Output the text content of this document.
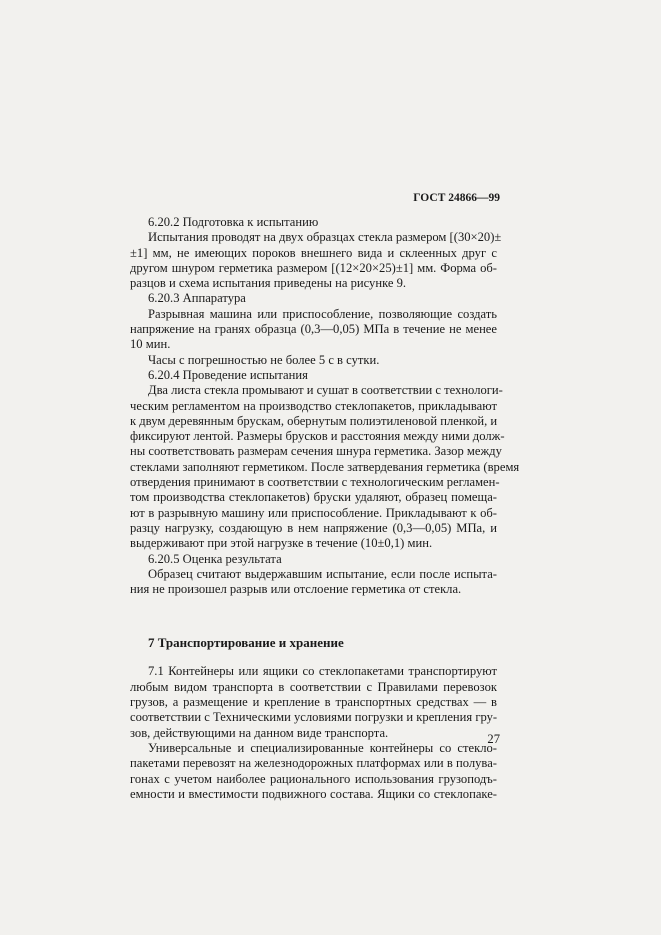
ГОСТ 24866—99
6.20.2 Подготовка к испытанию
Испытания проводят на двух образцах стекла размером [(30×20)±
±1] мм, не имеющих пороков внешнего вида и склеенных друг с
другом шнуром герметика размером [(12×20×25)±1] мм. Форма об-
разцов и схема испытания приведены на рисунке 9.
6.20.3 Аппаратура
Разрывная машина или приспособление, позволяющие создать
напряжение на гранях образца (0,3—0,05) МПа в течение не менее
10 мин.
Часы с погрешностью не более 5 с в сутки.
6.20.4 Проведение испытания
Два листа стекла промывают и сушат в соответствии с технологи-
ческим регламентом на производство стеклопакетов, прикладывают
к двум деревянным брускам, обернутым полиэтиленовой пленкой, и
фиксируют лентой. Размеры брусков и расстояния между ними долж-
ны соответствовать размерам сечения шнура герметика. Зазор между
стеклами заполняют герметиком. После затвердевания герметика (время
отвердения принимают в соответствии с технологическим регламен-
том производства стеклопакетов) бруски удаляют, образец помеща-
ют в разрывную машину или приспособление. Прикладывают к об-
разцу нагрузку, создающую в нем напряжение (0,3—0,05) МПа, и
выдерживают при этой нагрузке в течение (10±0,1) мин.
6.20.5 Оценка результата
Образец считают выдержавшим испытание, если после испыта-
ния не произошел разрыв или отслоение герметика от стекла.
7 Транспортирование и хранение
7.1 Контейнеры или ящики со стеклопакетами транспортируют
любым видом транспорта в соответствии с Правилами перевозок
грузов, а размещение и крепление в транспортных средствах — в
соответствии с Техническими условиями погрузки и крепления гру-
зов, действующими на данном виде транспорта.
Универсальные и специализированные контейнеры со стекло-
пакетами перевозят на железнодорожных платформах или в полува-
гонах с учетом наиболее рационального использования грузоподъ-
емности и вместимости подвижного состава. Ящики со стеклопаке-
27
